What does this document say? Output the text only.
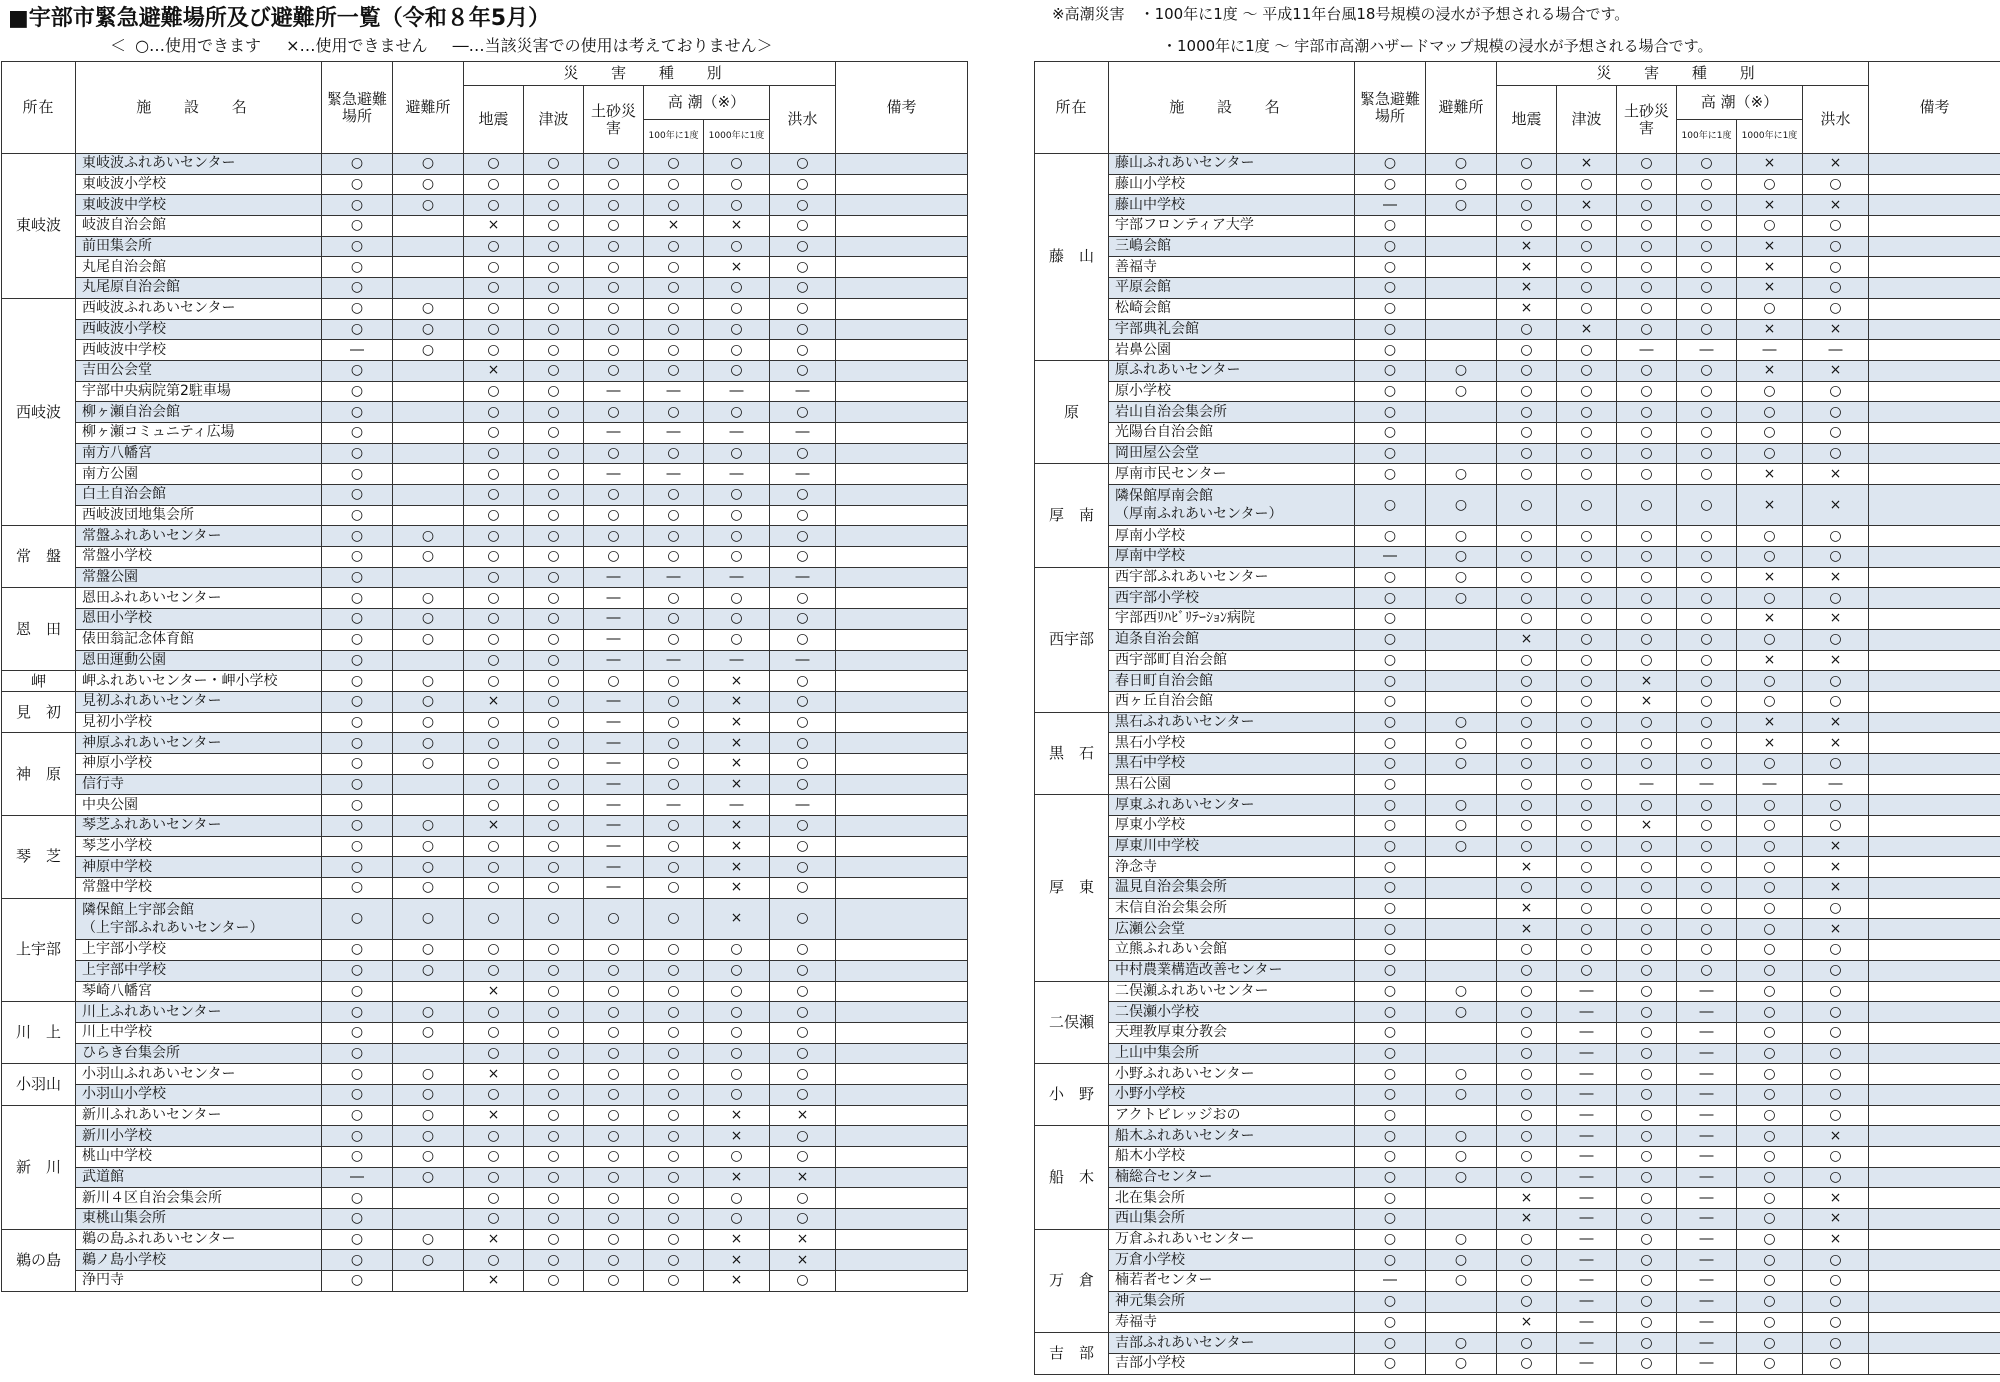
■宇部市緊急避難場所及び避難所一覧（令和８年5月）
＜ ○…使用できます　 ×…使用できません　 ―…当該災害での使用は考えておりません＞
※高潮災害　・100年に1度 ～ 平成11年台風18号規模の浸水が予想される場合です。
・1000年に1度 ～ 宇部市高潮ハザードマップ規模の浸水が予想される場合です。
所在	施 設 名	緊急避難場所	避難所	災 害 種 別						備考
				地震	津波	土砂災害	高 潮（※）		洪水	
							100年に1度	1000年に1度		
東岐波	東岐波ふれあいセンター	○	○	○	○	○	○	○	○	
	東岐波小学校	○	○	○	○	○	○	○	○	
	東岐波中学校	○	○	○	○	○	○	○	○	
	岐波自治会館	○		×	○	○	×	×	○	
	前田集会所	○		○	○	○	○	○	○	
	丸尾自治会館	○		○	○	○	○	×	○	
	丸尾原自治会館	○		○	○	○	○	○	○	
西岐波	西岐波ふれあいセンター	○	○	○	○	○	○	○	○	
	西岐波小学校	○	○	○	○	○	○	○	○	
	西岐波中学校	―	○	○	○	○	○	○	○	
	吉田公会堂	○		×	○	○	○	○	○	
	宇部中央病院第2駐車場	○		○	○	―	―	―	―	
	柳ヶ瀬自治会館	○		○	○	○	○	○	○	
	柳ヶ瀬コミュニティ広場	○		○	○	―	―	―	―	
	南方八幡宮	○		○	○	○	○	○	○	
	南方公園	○		○	○	―	―	―	―	
	白土自治会館	○		○	○	○	○	○	○	
	西岐波団地集会所	○		○	○	○	○	○	○	
常　盤	常盤ふれあいセンター	○	○	○	○	○	○	○	○	
	常盤小学校	○	○	○	○	○	○	○	○	
	常盤公園	○		○	○	―	―	―	―	
恩　田	恩田ふれあいセンター	○	○	○	○	―	○	○	○	
	恩田小学校	○	○	○	○	―	○	○	○	
	俵田翁記念体育館	○	○	○	○	―	○	○	○	
	恩田運動公園	○		○	○	―	―	―	―	
岬	岬ふれあいセンター・岬小学校	○	○	○	○	○	○	×	○	
見　初	見初ふれあいセンター	○	○	×	○	―	○	×	○	
	見初小学校	○	○	○	○	―	○	×	○	
神　原	神原ふれあいセンター	○	○	○	○	―	○	×	○	
	神原小学校	○	○	○	○	―	○	×	○	
	信行寺	○		○	○	―	○	×	○	
	中央公園	○		○	○	―	―	―	―	
琴　芝	琴芝ふれあいセンター	○	○	×	○	―	○	×	○	
	琴芝小学校	○	○	○	○	―	○	×	○	
	神原中学校	○	○	○	○	―	○	×	○	
	常盤中学校	○	○	○	○	―	○	×	○	
上宇部	隣保館上宇部会館
（上宇部ふれあいセンター）	○	○	○	○	○	○	×	○	
	上宇部小学校	○	○	○	○	○	○	○	○	
	上宇部中学校	○	○	○	○	○	○	○	○	
	琴崎八幡宮	○		×	○	○	○	○	○	
川　上	川上ふれあいセンター	○	○	○	○	○	○	○	○	
	川上中学校	○	○	○	○	○	○	○	○	
	ひらき台集会所	○		○	○	○	○	○	○	
小羽山	小羽山ふれあいセンター	○	○	×	○	○	○	○	○	
	小羽山小学校	○	○	○	○	○	○	○	○	
新　川	新川ふれあいセンター	○	○	×	○	○	○	×	×	
	新川小学校	○	○	○	○	○	○	×	○	
	桃山中学校	○	○	○	○	○	○	○	○	
	武道館	―	○	○	○	○	○	×	×	
	新川４区自治会集会所	○		○	○	○	○	○	○	
	東桃山集会所	○		○	○	○	○	○	○	
鵜の島	鵜の島ふれあいセンター	○	○	×	○	○	○	×	×	
	鵜ノ島小学校	○	○	○	○	○	○	×	×	
	浄円寺	○		×	○	○	○	×	○	
所在	施 設 名	緊急避難場所	避難所	災 害 種 別						備考
				地震	津波	土砂災害	高 潮（※）		洪水	
							100年に1度	1000年に1度		
藤　山	藤山ふれあいセンター	○	○	○	×	○	○	×	×	
	藤山小学校	○	○	○	○	○	○	○	○	
	藤山中学校	―	○	○	×	○	○	×	×	
	宇部フロンティア大学	○		○	○	○	○	○	○	
	三嶋会館	○		×	○	○	○	×	○	
	善福寺	○		×	○	○	○	×	○	
	平原会館	○		×	○	○	○	×	○	
	松崎会館	○		×	○	○	○	○	○	
	宇部典礼会館	○		○	×	○	○	×	×	
	岩鼻公園	○		○	○	―	―	―	―	
原	原ふれあいセンター	○	○	○	○	○	○	×	×	
	原小学校	○	○	○	○	○	○	○	○	
	岩山自治会集会所	○		○	○	○	○	○	○	
	光陽台自治会館	○		○	○	○	○	○	○	
	岡田屋公会堂	○		○	○	○	○	○	○	
厚　南	厚南市民センター	○	○	○	○	○	○	×	×	
	隣保館厚南会館
（厚南ふれあいセンター）	○	○	○	○	○	○	×	×	
	厚南小学校	○	○	○	○	○	○	○	○	
	厚南中学校	―	○	○	○	○	○	○	○	
西宇部	西宇部ふれあいセンター	○	○	○	○	○	○	×	×	
	西宇部小学校	○	○	○	○	○	○	○	○	
	宇部西ﾘﾊﾋﾞﾘﾃｰｼｮﾝ病院	○		○	○	○	○	×	×	
	迫条自治会館	○		×	○	○	○	○	○	
	西宇部町自治会館	○		○	○	○	○	×	×	
	春日町自治会館	○		○	○	×	○	○	○	
	西ヶ丘自治会館	○		○	○	×	○	○	○	
黒　石	黒石ふれあいセンター	○	○	○	○	○	○	×	×	
	黒石小学校	○	○	○	○	○	○	×	×	
	黒石中学校	○	○	○	○	○	○	○	○	
	黒石公園	○		○	○	―	―	―	―	
厚　東	厚東ふれあいセンター	○	○	○	○	○	○	○	○	
	厚東小学校	○	○	○	○	×	○	○	○	
	厚東川中学校	○	○	○	○	○	○	○	×	
	浄念寺	○		×	○	○	○	○	×	
	温見自治会集会所	○		○	○	○	○	○	×	
	末信自治会集会所	○		×	○	○	○	○	○	
	広瀬公会堂	○		×	○	○	○	○	×	
	立熊ふれあい会館	○		○	○	○	○	○	○	
	中村農業構造改善センター	○		○	○	○	○	○	○	
二俣瀬	二俣瀬ふれあいセンター	○	○	○	―	○	―	○	○	
	二俣瀬小学校	○	○	○	―	○	―	○	○	
	天理教厚東分教会	○		○	―	○	―	○	○	
	上山中集会所	○		○	―	○	―	○	○	
小　野	小野ふれあいセンター	○	○	○	―	○	―	○	○	
	小野小学校	○	○	○	―	○	―	○	○	
	アクトビレッジおの	○		○	―	○	―	○	○	
船　木	船木ふれあいセンター	○	○	○	―	○	―	○	×	
	船木小学校	○	○	○	―	○	―	○	○	
	楠総合センター	○	○	○	―	○	―	○	○	
	北在集会所	○		×	―	○	―	○	×	
	西山集会所	○		×	―	○	―	○	×	
万　倉	万倉ふれあいセンター	○	○	○	―	○	―	○	×	
	万倉小学校	○	○	○	―	○	―	○	○	
	楠若者センター	―	○	○	―	○	―	○	○	
	神元集会所	○		○	―	○	―	○	○	
	寿福寺	○		×	―	○	―	○	○	
吉　部	吉部ふれあいセンター	○	○	○	―	○	―	○	○	
	吉部小学校	○	○	○	―	○	―	○	○	
